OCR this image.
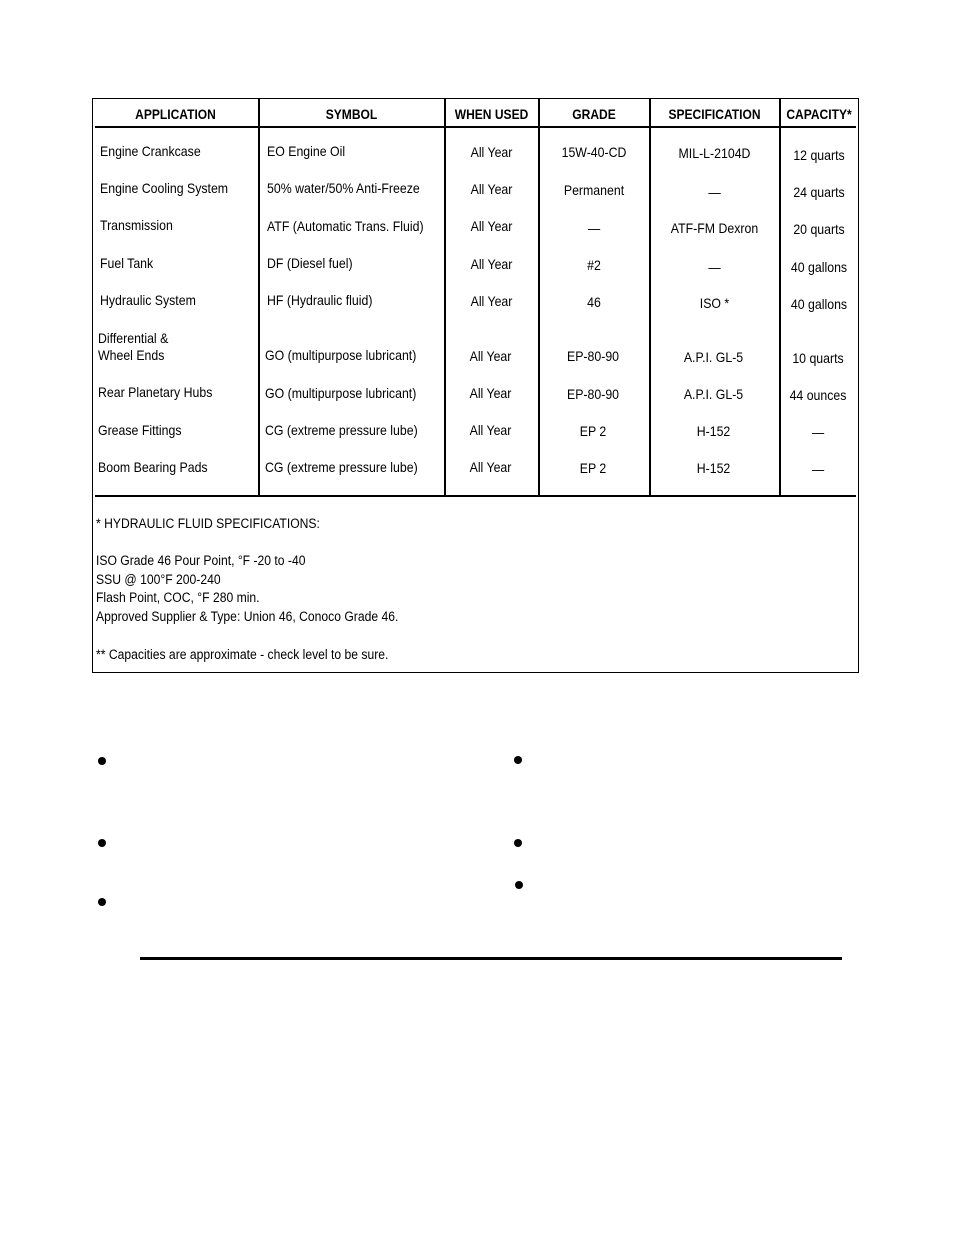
APPLICATION	SYMBOL	WHEN USED	GRADE	SPECIFICATION	CAPACITY*
Engine Crankcase	EO Engine Oil	All Year	15W-40-CD	MIL-L-2104D	12 quarts
Engine Cooling System	50% water/50% Anti-Freeze	All Year	Permanent	—	24 quarts
Transmission	ATF (Automatic Trans. Fluid)	All Year	—	ATF-FM Dexron	20 quarts
Fuel Tank	DF (Diesel fuel)	All Year	#2	—	40 gallons
Hydraulic System	HF (Hydraulic fluid)	All Year	46	ISO *	40 gallons
Differential &
Wheel Ends	GO (multipurpose lubricant)	All Year	EP-80-90	A.P.I. GL-5	10 quarts
Rear Planetary Hubs	GO (multipurpose lubricant)	All Year	EP-80-90	A.P.I. GL-5	44 ounces
Grease Fittings	CG (extreme pressure lube)	All Year	EP 2	H-152	—
Boom Bearing Pads	CG (extreme pressure lube)	All Year	EP 2	H-152	—
* HYDRAULIC FLUID SPECIFICATIONS:
ISO Grade 46 Pour Point, °F -20 to -40
SSU @ 100°F 200-240
Flash Point, COC, °F 280 min.
Approved Supplier & Type: Union 46, Conoco Grade 46.
** Capacities are approximate - check level to be sure.
